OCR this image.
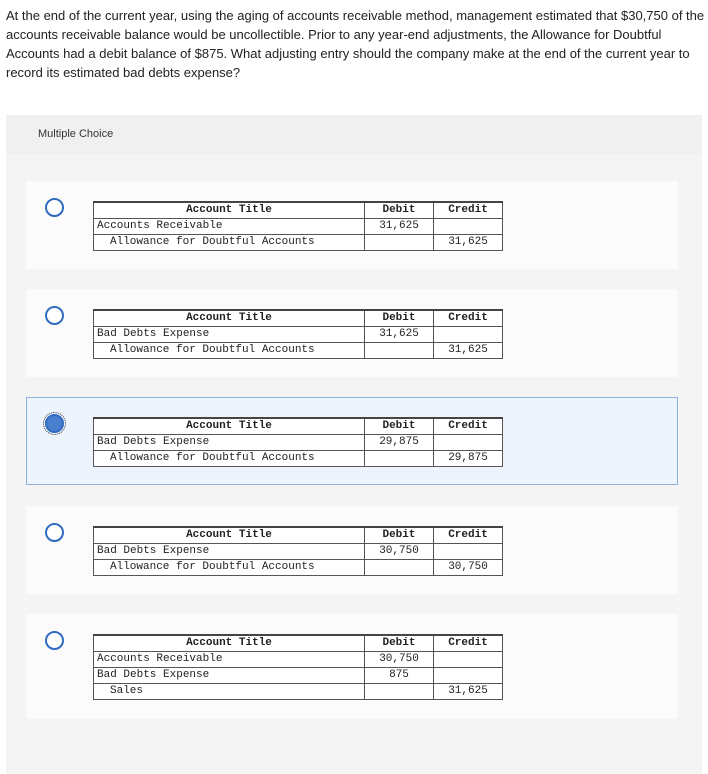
At the end of the current year, using the aging of accounts receivable method, management estimated that $30,750 of the accounts receivable balance would be uncollectible. Prior to any year-end adjustments, the Allowance for Doubtful Accounts had a debit balance of $875. What adjusting entry should the company make at the end of the current year to record its estimated bad debts expense?
Multiple Choice
Account Title	Debit	Credit
Accounts Receivable	31,625	
Allowance for Doubtful Accounts		31,625
Account Title	Debit	Credit
Bad Debts Expense	31,625	
Allowance for Doubtful Accounts		31,625
Account Title	Debit	Credit
Bad Debts Expense	29,875	
Allowance for Doubtful Accounts		29,875
Account Title	Debit	Credit
Bad Debts Expense	30,750	
Allowance for Doubtful Accounts		30,750
Account Title	Debit	Credit
Accounts Receivable	30,750	
Bad Debts Expense	875	
Sales		31,625
